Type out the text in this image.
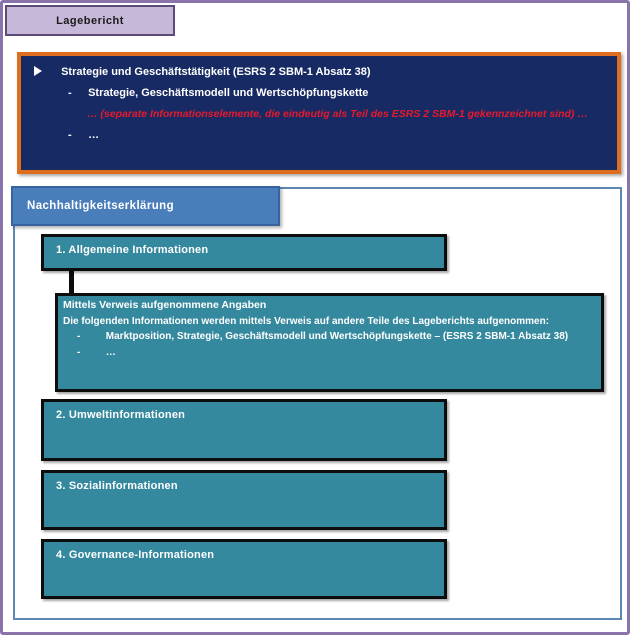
Lagebericht
Strategie und Geschäftstätigkeit (ESRS 2 SBM-1 Absatz 38)
- Strategie, Geschäftsmodell und Wertschöpfungskette
… (separate Informationselemente, die eindeutig als Teil des ESRS 2 SBM-1 gekennzeichnet sind) …
- …
Nachhaltigkeitserklärung
1. Allgemeine Informationen
Mittels Verweis aufgenommene Angaben
Die folgenden Informationen werden mittels Verweis auf andere Teile des Lageberichts aufgenommen:
-	Marktposition, Strategie, Geschäftsmodell und Wertschöpfungskette – (ESRS 2 SBM-1 Absatz 38)
-	…
2. Umweltinformationen
3. Sozialinformationen
4. Governance-Informationen
